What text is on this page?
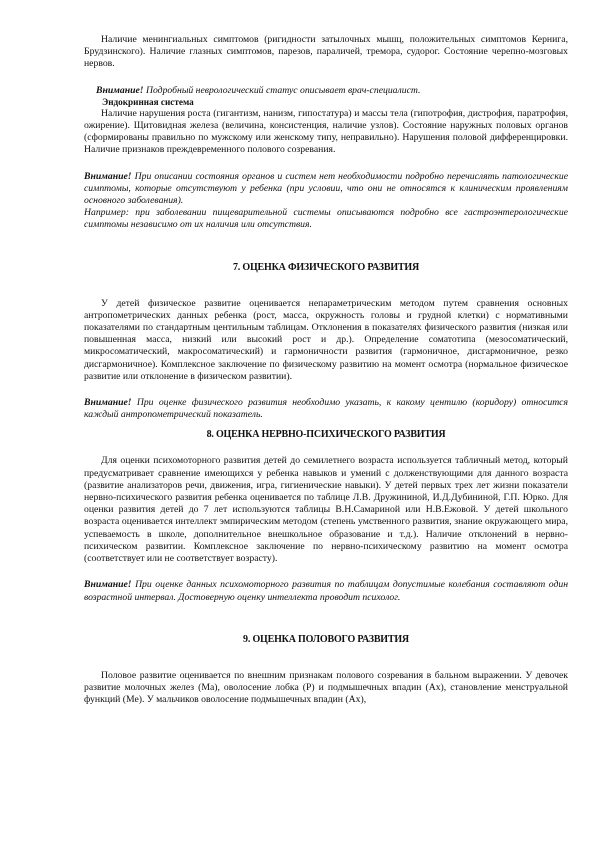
Наличие менингиальных симптомов (ригидности затылочных мышц, положительных симптомов Кернига, Брудзинского). Наличие глазных симптомов, парезов, параличей, тремора, судорог. Состояние черепно-мозговых нервов.

Внимание! Подробный неврологический статус описывает врач-специалист.

Эндокринная система

Наличие нарушения роста (гигантизм, нанизм, гипостатура) и массы тела (гипотрофия, дистрофия, паратрофия, ожирение). Щитовидная железа (величина, консистенция, наличие узлов). Состояние наружных половых органов (сформированы правильно по мужскому или женскому типу, неправильно). Нарушения половой дифференцировки. Наличие признаков преждевременного полового созревания.

Внимание! При описании состояния органов и систем нет необходимости подробно перечислять патологические симптомы, которые отсутствуют у ребенка (при условии, что они не относятся к клиническим проявлениям основного заболевания).

Например: при заболевании пищеварительной системы описываются подробно все гастроэнтерологические симптомы независимо от их наличия или отсутствия.

7. ОЦЕНКА ФИЗИЧЕСКОГО РАЗВИТИЯ

У детей физическое развитие оценивается непараметрическим методом путем сравнения основных антропометрических данных ребенка (рост, масса, окружность головы и грудной клетки) с нормативными показателями по стандартным центильным таблицам. Отклонения в показателях физического развития (низкая или повышенная масса, низкий или высокий рост и др.). Определение соматотипа (мезосоматический, микросоматический, макросоматический) и гармоничности развития (гармоничное, дисгармоничное, резко дисгармоничное). Комплексное заключение по физическому развитию на момент осмотра (нормальное физическое развитие или отклонение в физическом развитии).

Внимание! При оценке физического развития необходимо указать, к какому центилю (коридору) относится каждый антропометрический показатель.

8. ОЦЕНКА НЕРВНО-ПСИХИЧЕСКОГО РАЗВИТИЯ

Для оценки психомоторного развития детей до семилетнего возраста используется табличный метод, который предусматривает сравнение имеющихся у ребенка навыков и умений с долженствующими для данного возраста (развитие анализаторов речи, движения, игра, гигиенические навыки). У детей первых трех лет жизни показатели нервно-психического развития ребенка оценивается по таблице Л.В. Дружининой, И.Д.Дубининой, Г.П. Юрко. Для оценки развития детей до 7 лет используются таблицы В.Н.Самариной или Н.В.Ежовой. У детей школьного возраста оценивается интеллект эмпирическим методом (степень умственного развития, знание окружающего мира, успеваемость в школе, дополнительное внешкольное образование и т.д.). Наличие отклонений в нервно-психическом развитии. Комплексное заключение по нервно-психическому развитию на момент осмотра (соответствует или не соответствует возрасту).

Внимание! При оценке данных психомоторного развития по таблицам допустимые колебания составляют один возрастной интервал. Достоверную оценку интеллекта проводит психолог.

9. ОЦЕНКА ПОЛОВОГО РАЗВИТИЯ

Половое развитие оценивается по внешним признакам полового созревания в бальном выражении. У девочек развитие молочных желез (Ма), оволосение лобка (Р) и подмышечных впадин (Ах), становление менструальной функций (Ме). У мальчиков оволосение подмышечных впадин (Ах),
